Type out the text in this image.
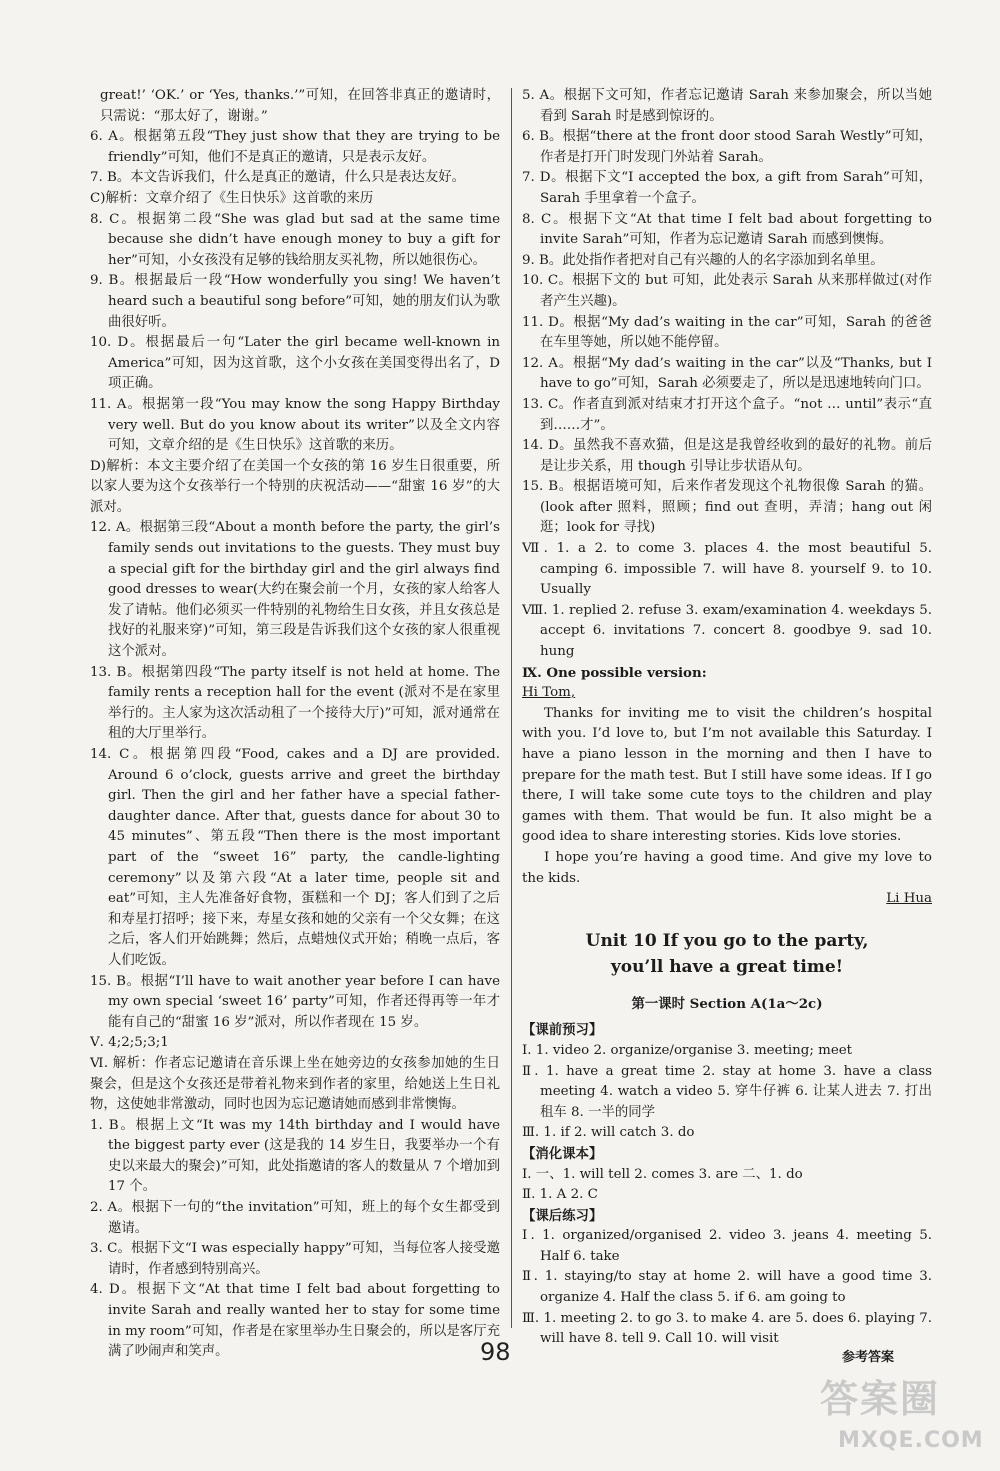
great!’ ‘OK.’ or ‘Yes, thanks.’”可知，在回答非真正的邀请时，只需说：“那太好了，谢谢。”

6. A。根据第五段“They just show that they are trying to be friendly”可知，他们不是真正的邀请，只是表示友好。

7. B。本文告诉我们，什么是真正的邀请，什么只是表达友好。

C)解析：文章介绍了《生日快乐》这首歌的来历

8. C。根据第二段“She was glad but sad at the same time because she didn’t have enough money to buy a gift for her”可知，小女孩没有足够的钱给朋友买礼物，所以她很伤心。

9. B。根据最后一段“How wonderfully you sing! We haven’t heard such a beautiful song before”可知，她的朋友们认为歌曲很好听。

10. D。根据最后一句“Later the girl became well-known in America”可知，因为这首歌，这个小女孩在美国变得出名了，D项正确。

11. A。根据第一段“You may know the song Happy Birthday very well. But do you know about its writer”以及全文内容可知，文章介绍的是《生日快乐》这首歌的来历。

D)解析：本文主要介绍了在美国一个女孩的第 16 岁生日很重要，所以家人要为这个女孩举行一个特别的庆祝活动——“甜蜜 16 岁”的大派对。

12. A。根据第三段“About a month before the party, the girl’s family sends out invitations to the guests. They must buy a special gift for the birthday girl and the girl always find good dresses to wear(大约在聚会前一个月，女孩的家人给客人发了请帖。他们必须买一件特别的礼物给生日女孩，并且女孩总是找好的礼服来穿)”可知，第三段是告诉我们这个女孩的家人很重视这个派对。

13. B。根据第四段“The party itself is not held at home. The family rents a reception hall for the event (派对不是在家里举行的。主人家为这次活动租了一个接待大厅)”可知，派对通常在租的大厅里举行。

14. C。根据第四段“Food, cakes and a DJ are provided. Around 6 o’clock, guests arrive and greet the birthday girl. Then the girl and her father have a special father-daughter dance. After that, guests dance for about 30 to 45 minutes”、第五段“Then there is the most important part of the “sweet 16” party, the candle-lighting ceremony”以及第六段“At a later time, people sit and eat”可知，主人先准备好食物，蛋糕和一个 DJ；客人们到了之后和寿星打招呼；接下来，寿星女孩和她的父亲有一个父女舞；在这之后，客人们开始跳舞；然后，点蜡烛仪式开始；稍晚一点后，客人们吃饭。

15. B。根据“I’ll have to wait another year before I can have my own special ‘sweet 16’ party”可知，作者还得再等一年才能有自己的“甜蜜 16 岁”派对，所以作者现在 15 岁。

Ⅴ. 4;2;5;3;1

Ⅵ. 解析：作者忘记邀请在音乐课上坐在她旁边的女孩参加她的生日聚会，但是这个女孩还是带着礼物来到作者的家里，给她送上生日礼物，这使她非常激动，同时也因为忘记邀请她而感到非常懊悔。

1. B。根据上文“It was my 14th birthday and I would have the biggest party ever (这是我的 14 岁生日，我要举办一个有史以来最大的聚会)”可知，此处指邀请的客人的数量从 7 个增加到 17 个。

2. A。根据下一句的“the invitation”可知，班上的每个女生都受到邀请。

3. C。根据下文“I was especially happy”可知，当每位客人接受邀请时，作者感到特别高兴。

4. D。根据下文“At that time I felt bad about forgetting to invite Sarah and really wanted her to stay for some time in my room”可知，作者是在家里举办生日聚会的，所以是客厅充满了吵闹声和笑声。

5. A。根据下文可知，作者忘记邀请 Sarah 来参加聚会，所以当她看到 Sarah 时是感到惊讶的。

6. B。根据“there at the front door stood Sarah Westly”可知，作者是打开门时发现门外站着 Sarah。

7. D。根据下文“I accepted the box, a gift from Sarah”可知，Sarah 手里拿着一个盒子。

8. C。根据下文“At that time I felt bad about forgetting to invite Sarah”可知，作者为忘记邀请 Sarah 而感到懊悔。

9. B。此处指作者把对自己有兴趣的人的名字添加到名单里。

10. C。根据下文的 but 可知，此处表示 Sarah 从来那样做过(对作者产生兴趣)。

11. D。根据“My dad’s waiting in the car”可知，Sarah 的爸爸在车里等她，所以她不能停留。

12. A。根据“My dad’s waiting in the car”以及“Thanks, but I have to go”可知，Sarah 必须要走了，所以是迅速地转向门口。

13. C。作者直到派对结束才打开这个盒子。“not … until”表示“直到……才”。

14. D。虽然我不喜欢猫，但是这是我曾经收到的最好的礼物。前后是让步关系，用 though 引导让步状语从句。

15. B。根据语境可知，后来作者发现这个礼物很像 Sarah 的猫。(look after 照料，照顾；find out 查明，弄清；hang out 闲逛；look for 寻找)

Ⅶ. 1. a 2. to come 3. places 4. the most beautiful 5. camping 6. impossible 7. will have 8. yourself 9. to 10. Usually

Ⅷ. 1. replied 2. refuse 3. exam/examination 4. weekdays 5. accept 6. invitations 7. concert 8. goodbye 9. sad 10. hung

Ⅸ. One possible version:

Hi Tom,

Thanks for inviting me to visit the children’s hospital with you. I’d love to, but I’m not available this Saturday. I have a piano lesson in the morning and then I have to prepare for the math test. But I still have some ideas. If I go there, I will take some cute toys to the children and play games with them. That would be fun. It also might be a good idea to share interesting stories. Kids love stories.

I hope you’re having a good time. And give my love to the kids.

Li Hua

Unit 10 If you go to the party,
you’ll have a great time!
第一课时 Section A(1a～2c)

【课前预习】

Ⅰ. 1. video 2. organize/organise 3. meeting; meet

Ⅱ. 1. have a great time 2. stay at home 3. have a class meeting 4. watch a video 5. 穿牛仔裤 6. 让某人进去 7. 打出租车 8. 一半的同学

Ⅲ. 1. if 2. will catch 3. do

【消化课本】

Ⅰ. 一、1. will tell 2. comes 3. are 二、1. do

Ⅱ. 1. A 2. C

【课后练习】

Ⅰ. 1. organized/organised 2. video 3. jeans 4. meeting 5. Half 6. take

Ⅱ. 1. staying/to stay at home 2. will have a good time 3. organize 4. Half the class 5. if 6. am going to

Ⅲ. 1. meeting 2. to go 3. to make 4. are 5. does 6. playing 7. will have 8. tell 9. Call 10. will visit

98	参考答案
答案圈
MXQE.COM
